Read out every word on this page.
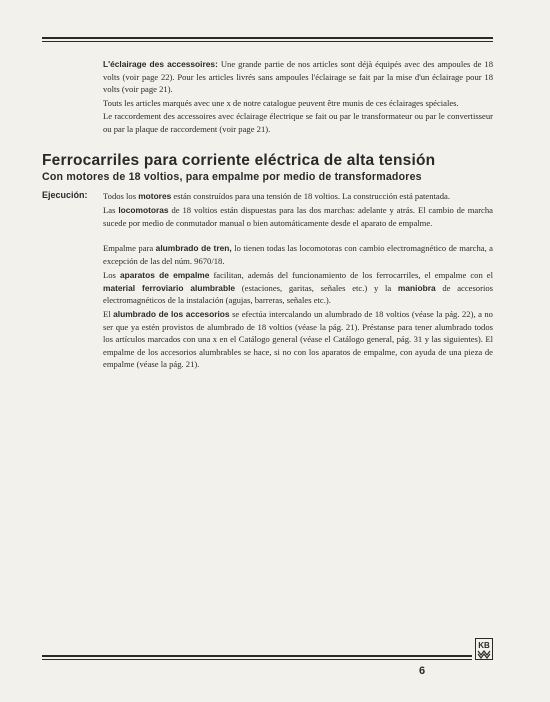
L'éclairage des accessoires: Une grande partie de nos articles sont déjà équipés avec des ampoules de 18 volts (voir page 22). Pour les articles livrés sans ampoules l'éclairage se fait par la mise d'un éclairage pour 18 volts (voir page 21).

Touts les articles marqués avec une x de notre catalogue peuvent être munis de ces éclairages spéciales.

Le raccordement des accessoires avec éclairage électrique se fait ou par le transformateur ou par le convertisseur ou par la plaque de raccordement (voir page 21).

Ferrocarriles para corriente eléctrica de alta tensión
Con motores de 18 voltios, para empalme por medio de transformadores
Ejecución: Todos los motores están construídos para una tensión de 18 voltios. La construcción está patentada.

Las locomotoras de 18 voltios están dispuestas para las dos marchas: adelante y atrás. El cambio de marcha sucede por medio de conmutador manual o bien automáticamente desde el aparato de empalme.

Empalme para alumbrado de tren, lo tienen todas las locomotoras con cambio electromagnético de marcha, a excepción de las del núm. 9670/18.

Los aparatos de empalme facilitan, además del funcionamiento de los ferrocarriles, el empalme con el material ferroviario alumbrable (estaciones, garitas, señales etc.) y la maniobra de accesorios electromagnéticos de la instalación (agujas, barreras, señales etc.).

El alumbrado de los accesorios se efectúa intercalando un alumbrado de 18 voltios (véase la pág. 22), a no ser que ya estén provistos de alumbrado de 18 voltios (véase la pág. 21). Préstanse para tener alumbrado todos los artículos marcados con una x en el Catálogo general (véase el Catálogo general, pág. 31 y las siguientes). El empalme de los accesorios alumbrables se hace, si no con los aparatos de empalme, con ayuda de una pieza de empalme (véase la pág. 21).

KB
6
